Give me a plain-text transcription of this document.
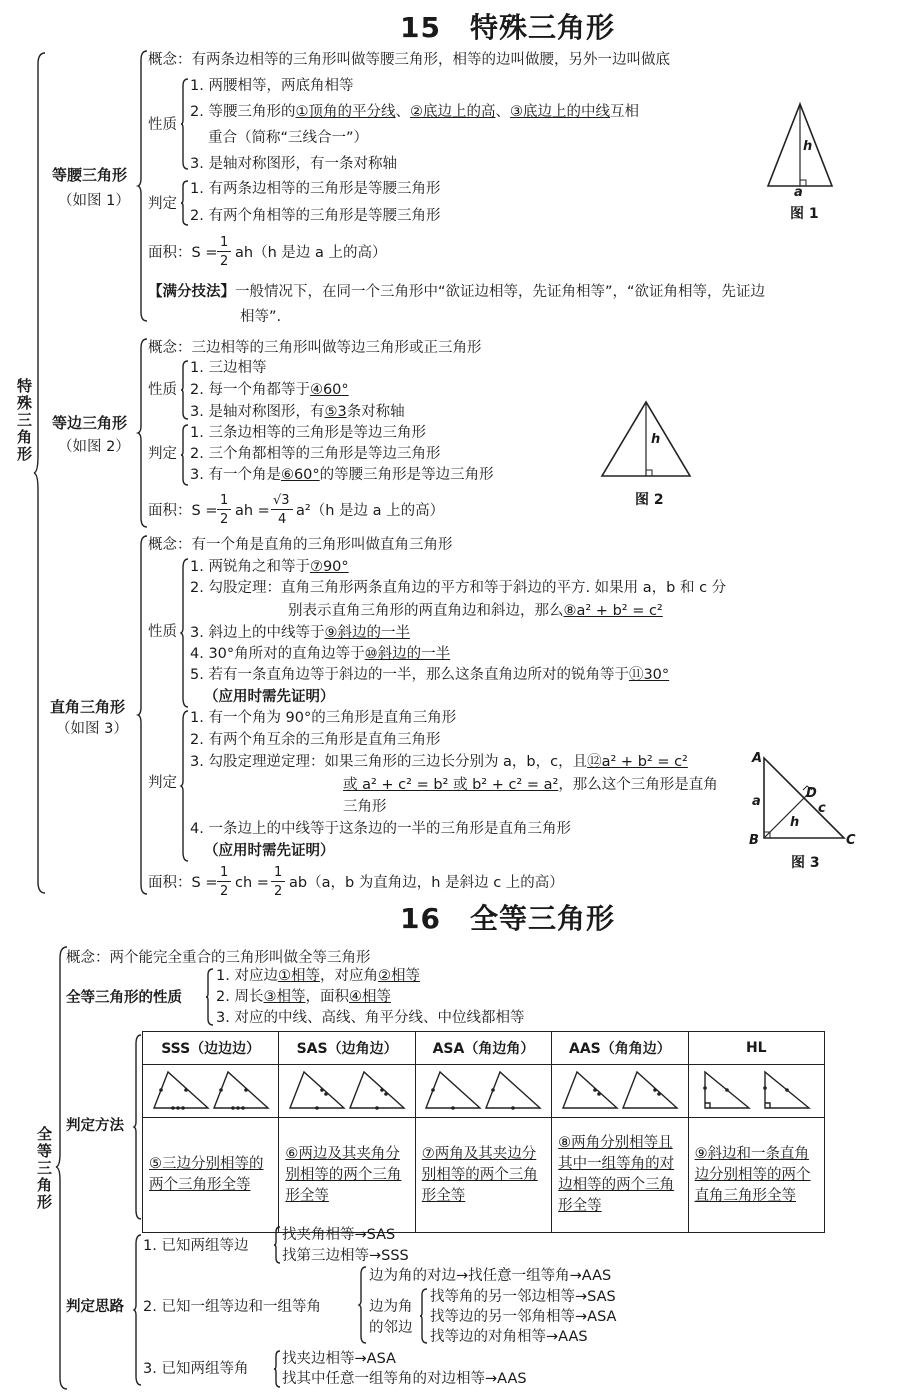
15　特殊三角形
特殊三角形
等腰三角形
（如图 1）
概念：有两条边相等的三角形叫做等腰三角形，相等的边叫做腰，另外一边叫做底
性质
1. 两腰相等，两底角相等
2. 等腰三角形的①顶角的平分线、②底边上的高、③底边上的中线互相
重合（简称“三线合一”）
3. 是轴对称图形，有一条对称轴
判定
1. 有两条边相等的三角形是等腰三角形
2. 有两个角相等的三角形是等腰三角形
面积：S =
1
2
ah（h 是边 a 上的高）
【满分技法】一般情况下，在同一个三角形中“欲证边相等，先证角相等”，“欲证角相等，先证边
相等”.
h
a
图 1
等边三角形
（如图 2）
概念：三边相等的三角形叫做等边三角形或正三角形
性质
1. 三边相等
2. 每一个角都等于④60°
3. 是轴对称图形，有⑤3条对称轴
判定
1. 三条边相等的三角形是等边三角形
2. 三个角都相等的三角形是等边三角形
3. 有一个角是⑥60°的等腰三角形是等边三角形
面积：S =
1
2
ah =
√3
4
a²（h 是边 a 上的高）
h
图 2
直角三角形
（如图 3）
概念：有一个角是直角的三角形叫做直角三角形
性质
1. 两锐角之和等于⑦90°
2. 勾股定理：直角三角形两条直角边的平方和等于斜边的平方. 如果用 a，b 和 c 分
别表示直角三角形的两直角边和斜边，那么⑧a² + b² = c²
3. 斜边上的中线等于⑨斜边的一半
4. 30°角所对的直角边等于⑩斜边的一半
5. 若有一条直角边等于斜边的一半，那么这条直角边所对的锐角等于⑪30°
（应用时需先证明）
判定
1. 有一个角为 90°的三角形是直角三角形
2. 有两个角互余的三角形是直角三角形
3. 勾股定理逆定理：如果三角形的三边长分别为 a，b，c，且⑫a² + b² = c²
或 a² + c² = b² 或 b² + c² = a²，那么这个三角形是直角
三角形
4. 一条边上的中线等于这条边的一半的三角形是直角三角形
（应用时需先证明）
面积：S =
1
2
ch =
1
2
ab（a，b 为直角边，h 是斜边 c 上的高）
A
B	C
D
a	c
h
图 3
16　全等三角形
全等三角形
概念：两个能完全重合的三角形叫做全等三角形
全等三角形的性质
1. 对应边①相等，对应角②相等
2. 周长③相等，面积④相等
3. 对应的中线、高线、角平分线、中位线都相等
判定方法
SSS（边边边）	SAS（边角边）	ASA（角边角）	AAS（角角边）	HL

⑤三边分别相等的两个三角形全等	⑥两边及其夹角分别相等的两个三角形全等	⑦两角及其夹边分别相等的两个三角形全等	⑧两角分别相等且其中一组等角的对边相等的两个三角形全等	⑨斜边和一条直角边分别相等的两个直角三角形全等
判定思路
1. 已知两组等边
找夹角相等→SAS
找第三边相等→SSS
2. 已知一组等边和一组等角
边为角的对边→找任意一组等角→AAS
边为角
的邻边
找等角的另一邻边相等→SAS
找等边的另一邻角相等→ASA
找等边的对角相等→AAS
3. 已知两组等角
找夹边相等→ASA
找其中任意一组等角的对边相等→AAS
